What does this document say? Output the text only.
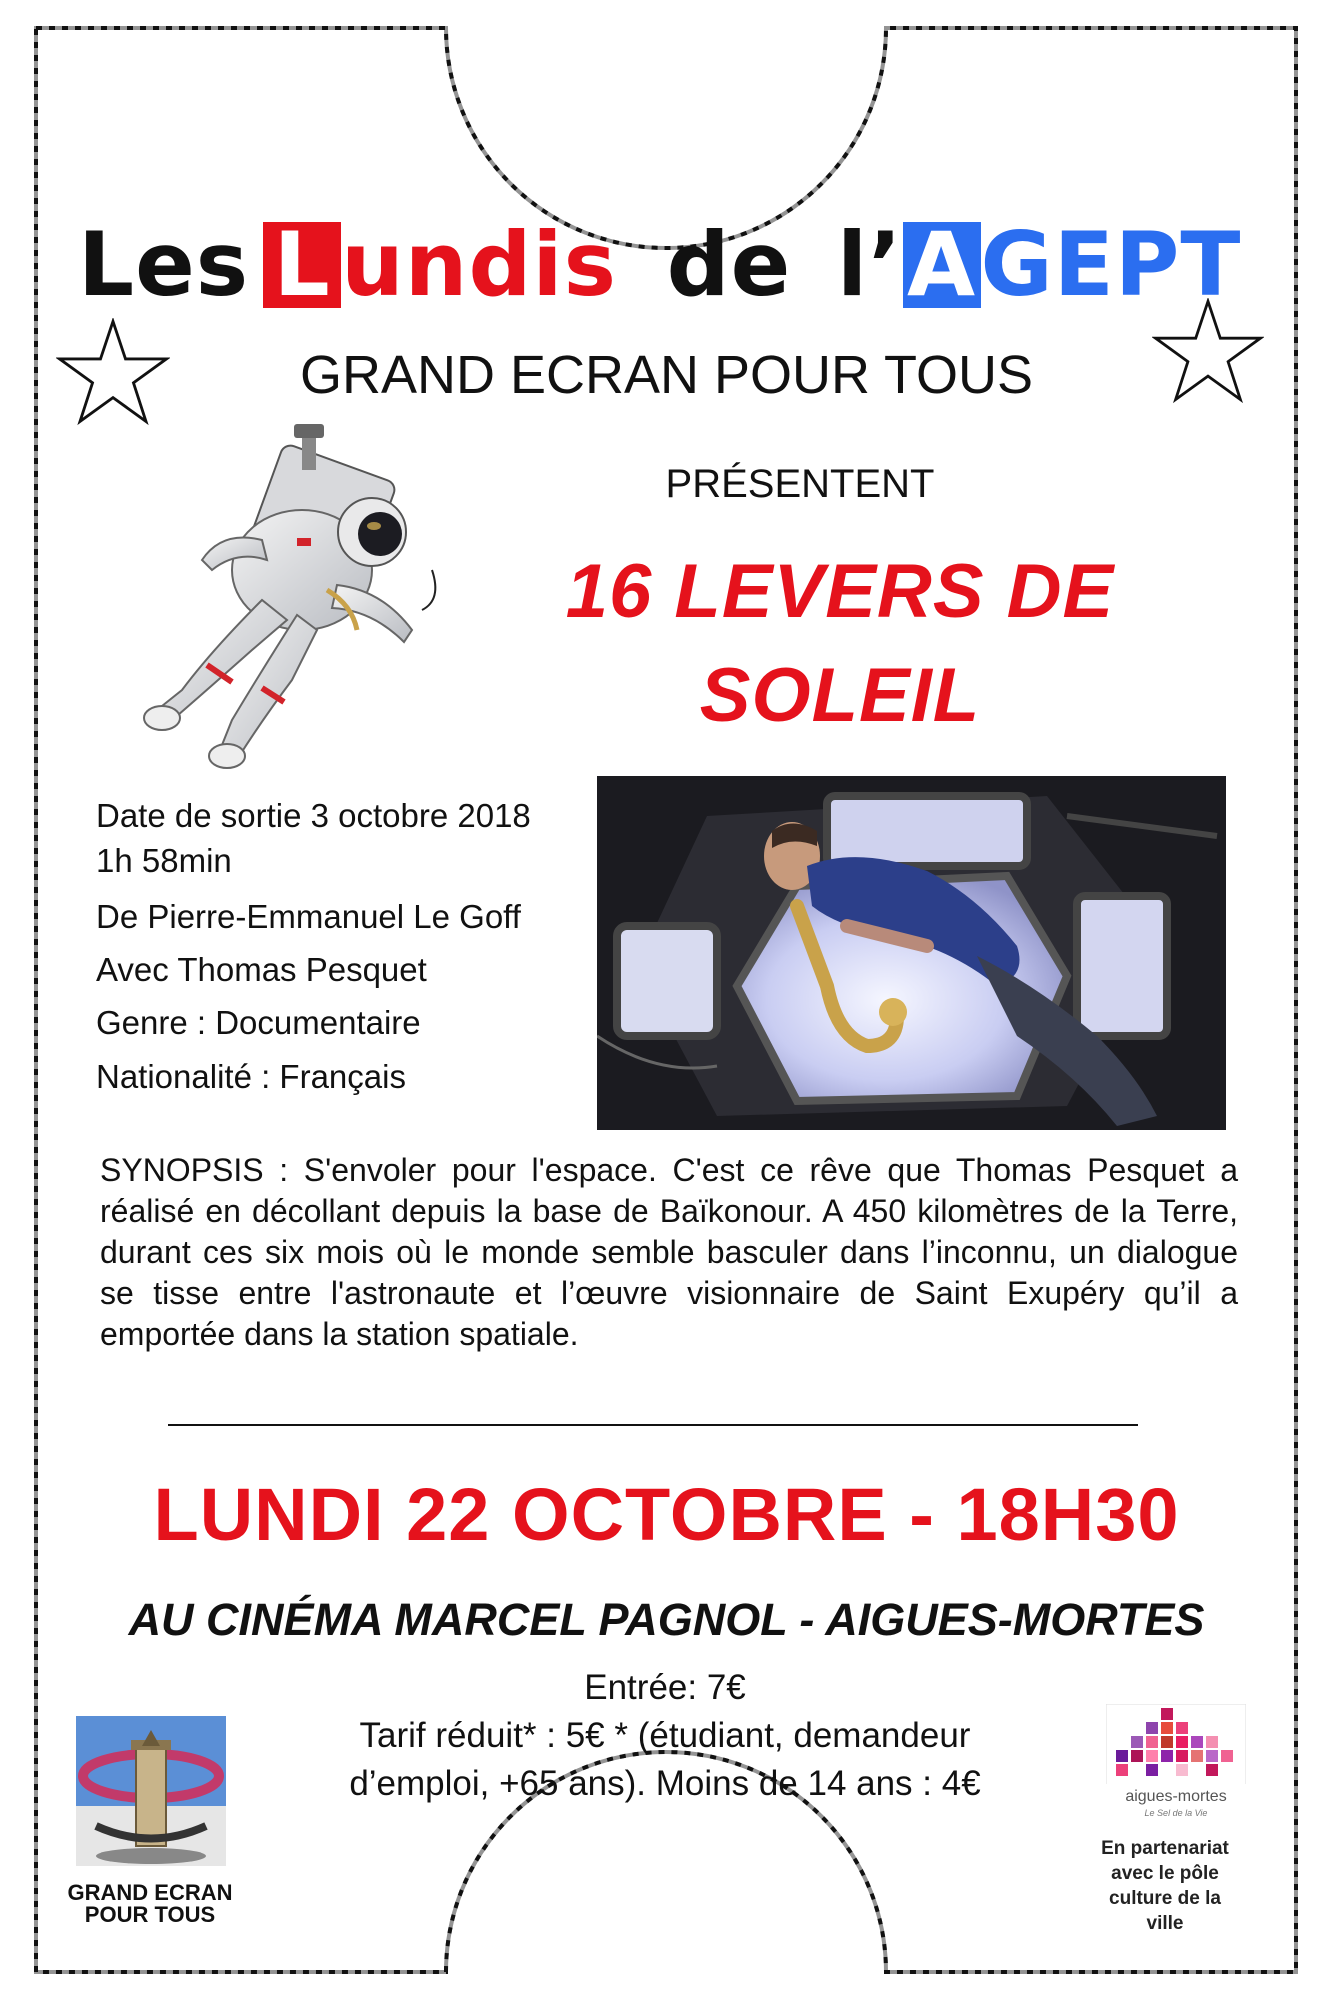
Les L undis de l’AGEPT
GRAND ECRAN POUR TOUS
PRÉSENTENT
16 LEVERS DE
SOLEIL
Date de sortie 3 octobre 2018
1h 58min
De Pierre-Emmanuel Le Goff
Avec Thomas Pesquet
Genre : Documentaire
Nationalité : Français
SYNOPSIS : S'envoler pour l'espace. C'est ce rêve que Thomas Pesquet a réalisé en décollant depuis la base de Baïkonour. A 450 kilomètres de la Terre, durant ces six mois où le monde semble basculer dans l’inconnu, un dialogue se tisse entre l'astronaute et l’œuvre visionnaire de Saint Exupéry qu’il a emportée dans la station spatiale.
LUNDI 22 OCTOBRE - 18H30
AU CINÉMA MARCEL PAGNOL - AIGUES-MORTES
Entrée: 7€
Tarif réduit* : 5€ * (étudiant, demandeur
d’emploi, +65 ans). Moins de 14 ans : 4€
GRAND ECRAN
POUR TOUS
aigues-mortes
Le Sel de la Vie
En partenariat
avec le pôle
culture de la
ville
